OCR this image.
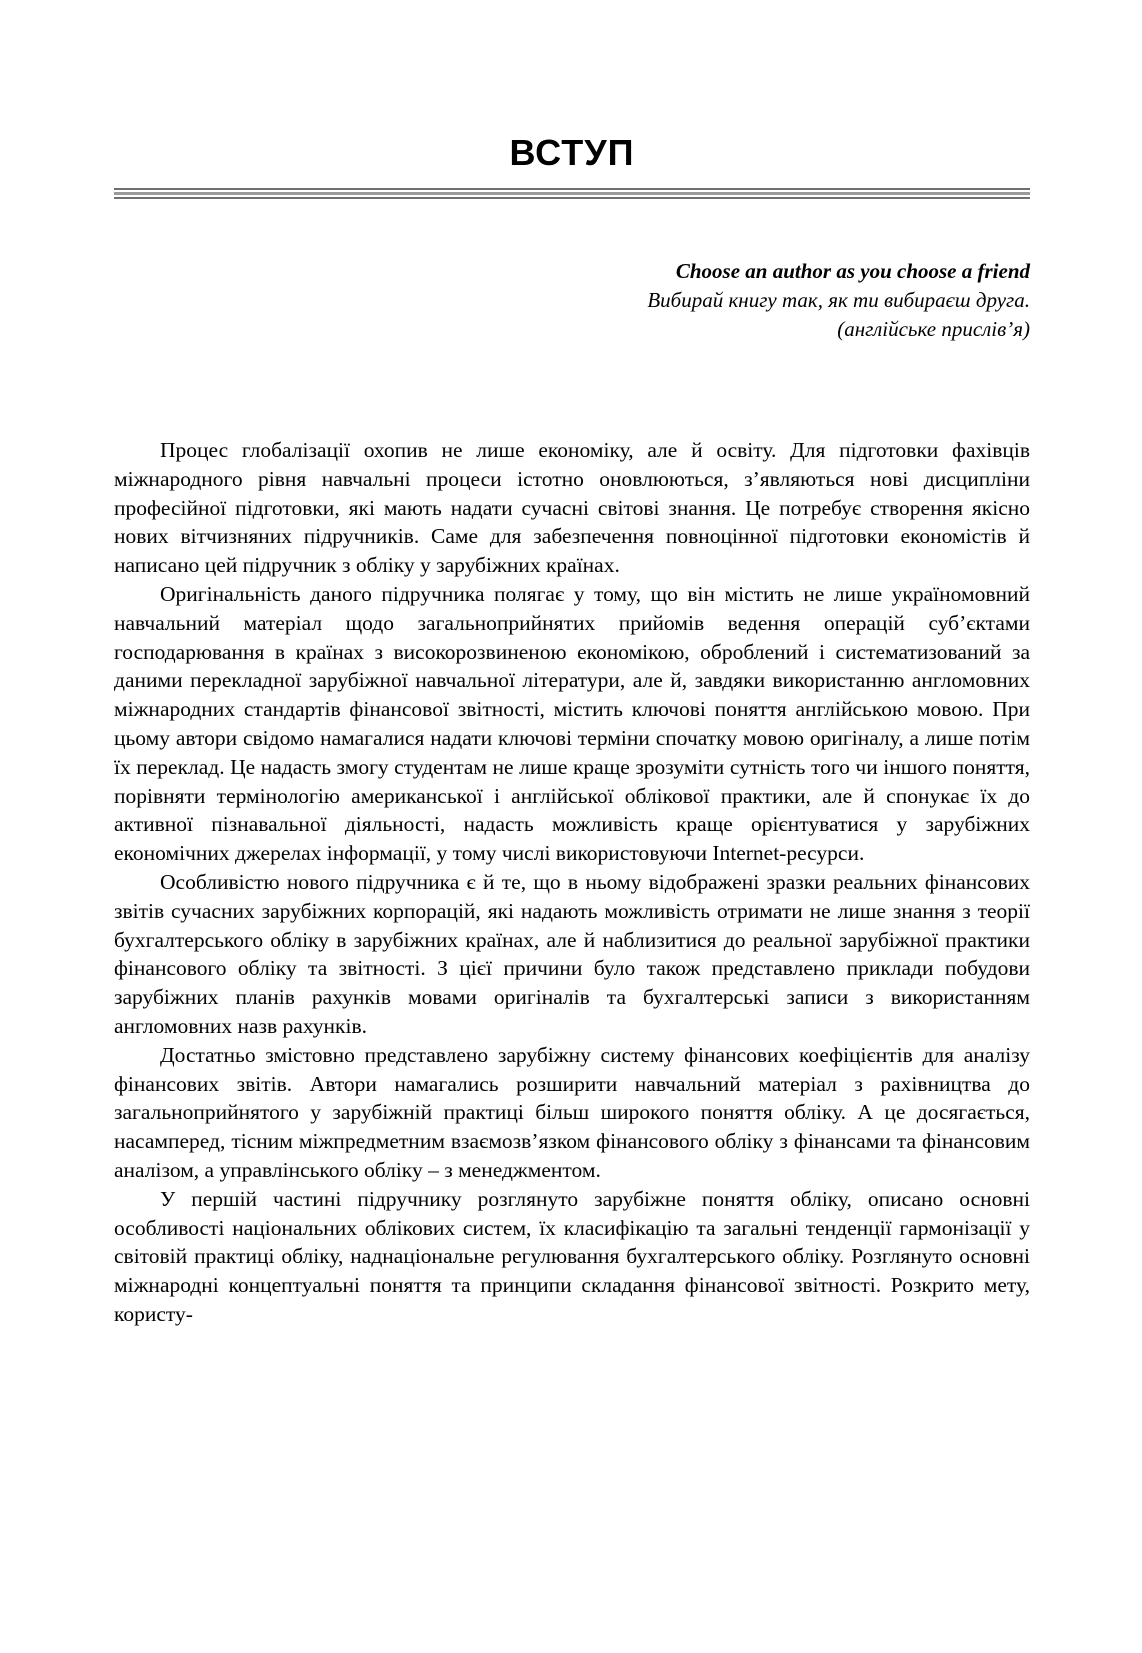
ВСТУП
Choose an author as you choose a friend
Вибирай книгу так, як ти вибираєш друга.
(англійське прислів’я)

Процес глобалізації охопив не лише економіку, але й освіту. Для підготовки фахівців міжнародного рівня навчальні процеси істотно оновлюються, з’являються нові дисципліни професійної підготовки, які мають надати сучасні світові знання. Це потребує створення якісно нових вітчизняних підручників. Саме для забезпечення повноцінної підготовки економістів й написано цей підручник з обліку у зарубіжних країнах.

Оригінальність даного підручника полягає у тому, що він містить не лише україномовний навчальний матеріал щодо загальноприйнятих прийомів ведення операцій суб’єктами господарювання в країнах з високорозвиненою економікою, оброблений і систематизований за даними перекладної зарубіжної навчальної літератури, але й, завдяки використанню англомовних міжнародних стандартів фінансової звітності, містить ключові поняття англійською мовою. При цьому автори свідомо намагалися надати ключові терміни спочатку мовою оригіналу, а лише потім їх переклад. Це надасть змогу студентам не лише краще зрозуміти сутність того чи іншого поняття, порівняти термінологію американської і англійської облікової практики, але й спонукає їх до активної пізнавальної діяльності, надасть можливість краще орієнтуватися у зарубіжних економічних джерелах інформації, у тому числі використовуючи Internet-ресурси.

Особливістю нового підручника є й те, що в ньому відображені зразки реальних фінансових звітів сучасних зарубіжних корпорацій, які надають можливість отримати не лише знання з теорії бухгалтерського обліку в зарубіжних країнах, але й наблизитися до реальної зарубіжної практики фінансового обліку та звітності. З цієї причини було також представлено приклади побудови зарубіжних планів рахунків мовами оригіналів та бухгалтерські записи з використанням англомовних назв рахунків.

Достатньо змістовно представлено зарубіжну систему фінансових коефіцієнтів для аналізу фінансових звітів. Автори намагались розширити навчальний матеріал з рахівництва до загальноприйнятого у зарубіжній практиці більш широкого поняття обліку. А це досягається, насамперед, тісним міжпредметним взаємозв’язком фінансового обліку з фінансами та фінансовим аналізом, а управлінського обліку – з менеджментом.

У першій частині підручнику розглянуто зарубіжне поняття обліку, описано основні особливості національних облікових систем, їх класифікацію та загальні тенденції гармонізації у світовій практиці обліку, наднаціональне регулювання бухгалтерського обліку. Розглянуто основні міжнародні концептуальні поняття та принципи складання фінансової звітності. Розкрито мету, користу-
